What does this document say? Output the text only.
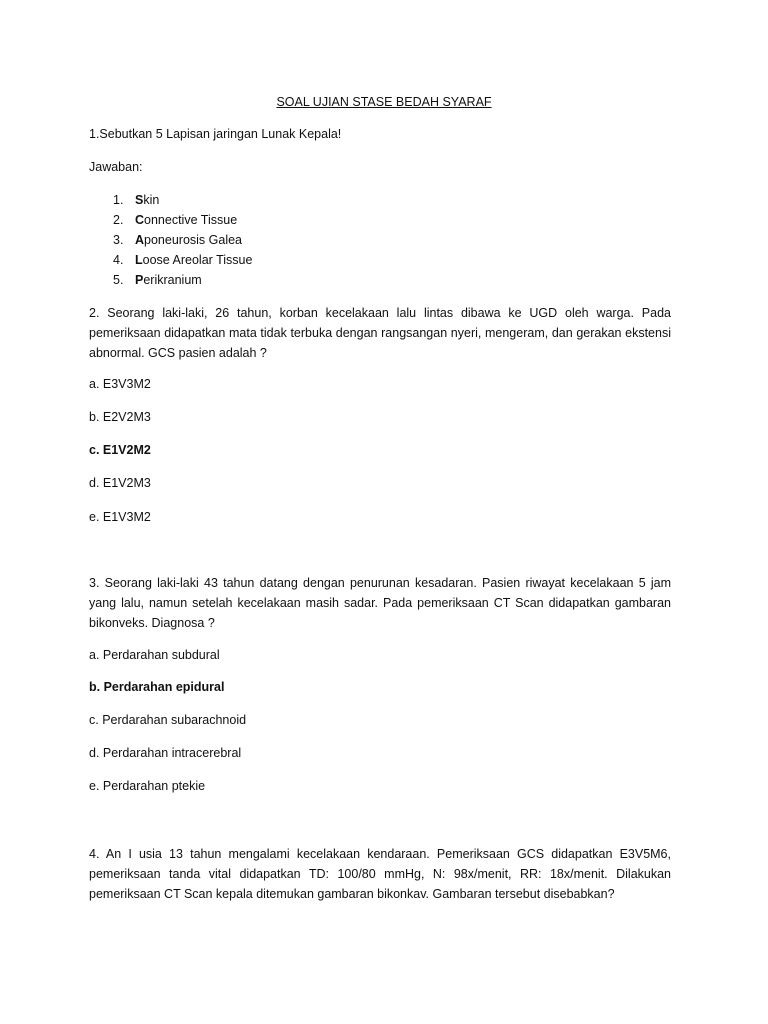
SOAL UJIAN STASE BEDAH SYARAF
1.Sebutkan 5 Lapisan jaringan Lunak Kepala!
Jawaban:
1. Skin
2. Connective Tissue
3. Aponeurosis Galea
4. Loose Areolar Tissue
5. Perikranium
2. Seorang laki-laki, 26 tahun, korban kecelakaan lalu lintas dibawa ke UGD oleh warga. Pada pemeriksaan didapatkan mata tidak terbuka dengan rangsangan nyeri, mengeram, dan gerakan ekstensi abnormal. GCS pasien adalah ?
a. E3V3M2
b. E2V2M3
c. E1V2M2
d. E1V2M3
e. E1V3M2
3. Seorang laki-laki 43 tahun datang dengan penurunan kesadaran. Pasien riwayat kecelakaan 5 jam yang lalu, namun setelah kecelakaan masih sadar. Pada pemeriksaan CT Scan didapatkan gambaran bikonveks. Diagnosa ?
a. Perdarahan subdural
b. Perdarahan epidural
c. Perdarahan subarachnoid
d. Perdarahan intracerebral
e. Perdarahan ptekie
4. An I usia 13 tahun mengalami kecelakaan kendaraan. Pemeriksaan GCS didapatkan E3V5M6, pemeriksaan tanda vital didapatkan TD: 100/80 mmHg, N: 98x/menit, RR: 18x/menit. Dilakukan pemeriksaan CT Scan kepala ditemukan gambaran bikonkav. Gambaran tersebut disebabkan?
